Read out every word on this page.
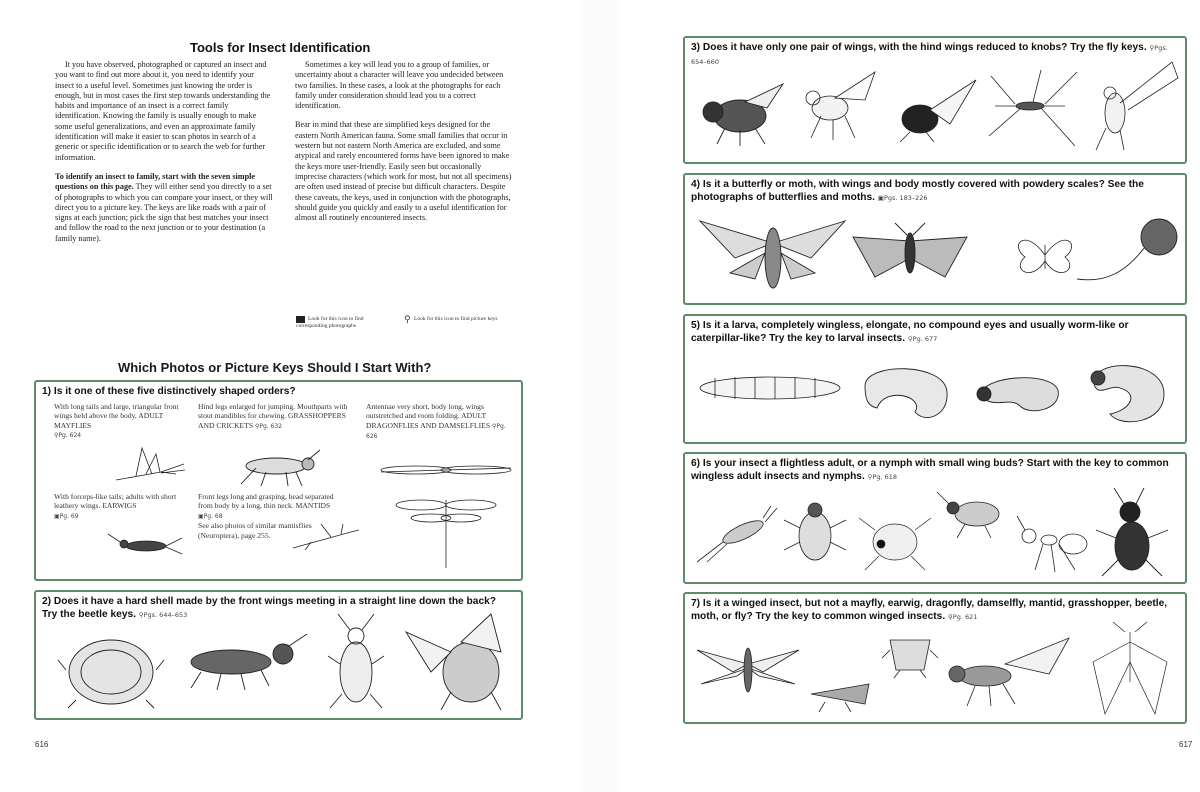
Tools for Insect Identification

It you have observed, photographed or captured an insect and you want to find out more about it, you need to identify your insect to a useful level. Sometimes just knowing the order is enough, but in most cases the first step towards understanding the habits and importance of an insect is a correct family identification. Knowing the family is usually enough to make some useful generalizations, and even an approximate family identification will make it easier to scan photos in search of a generic or specific identification or to search the web for further information.

To identify an insect to family, start with the seven simple questions on this page. They will either send you directly to a set of photographs to which you can compare your insect, or they will direct you to a picture key. The keys are like roads with a pair of signs at each junction; pick the sign that best matches your insect and follow the road to the next junction or to your destination (a family name).

Sometimes a key will lead you to a group of families, or uncertainty about a character will leave you undecided between two families. In these cases, a look at the photographs for each family under consideration should lead you to a correct identification.

Bear in mind that these are simplified keys designed for the eastern North American fauna. Some small families that occur in western but not eastern North America are excluded, and some atypical and rarely encountered forms have been ignored to make the keys more user-friendly. Easily seen but occasionally imprecise characters (which work for most, but not all specimens) are often used instead of precise but difficult characters. Despite these caveats, the keys, used in conjunction with the photographs, should guide you quickly and easily to a useful identification for almost all routinely encountered insects.

Look for this icon to find corresponding photographs
⚲ Look for this icon to find picture keys
Which Photos or Picture Keys Should I Start With?
1) Is it one of these five distinctively shaped orders?
With long tails and large, triangular front wings held above the body, ADULT MAYFLIES
⚲Pg. 624
Hind legs enlarged for jumping. Mouthparts with stout mandibles for chewing. GRASSHOPPERS AND CRICKETS ⚲Pg. 632
Antennae very short, body long, wings outstretched and room folding. ADULT DRAGONFLIES AND DAMSELFLIES ⚲Pg. 626
With forceps-like tails; adults with short leathery wings. EARWIGS
▣Pg. 69
Front legs long and grasping, head separated from body by a long, thin neck. MANTIDS
▣Pg. 68
See also photos of similar mantisflies (Neuroptera), page 255.
2) Does it have a hard shell made by the front wings meeting in a straight line down the back? Try the beetle keys. ⚲Pgs. 644–653
616
3) Does it have only one pair of wings, with the hind wings reduced to knobs? Try the fly keys. ⚲Pgs. 654–660
4) Is it a butterfly or moth, with wings and body mostly covered with powdery scales? See the photographs of butterflies and moths. ▣Pgs. 183–226
5) Is it a larva, completely wingless, elongate, no compound eyes and usually worm-like or caterpillar-like? Try the key to larval insects. ⚲Pg. 677
6) Is your insect a flightless adult, or a nymph with small wing buds? Start with the key to common wingless adult insects and nymphs. ⚲Pg. 618
7) Is it a winged insect, but not a mayfly, earwig, dragonfly, damselfly, mantid, grasshopper, beetle, moth, or fly? Try the key to common winged insects. ⚲Pg. 621
617
